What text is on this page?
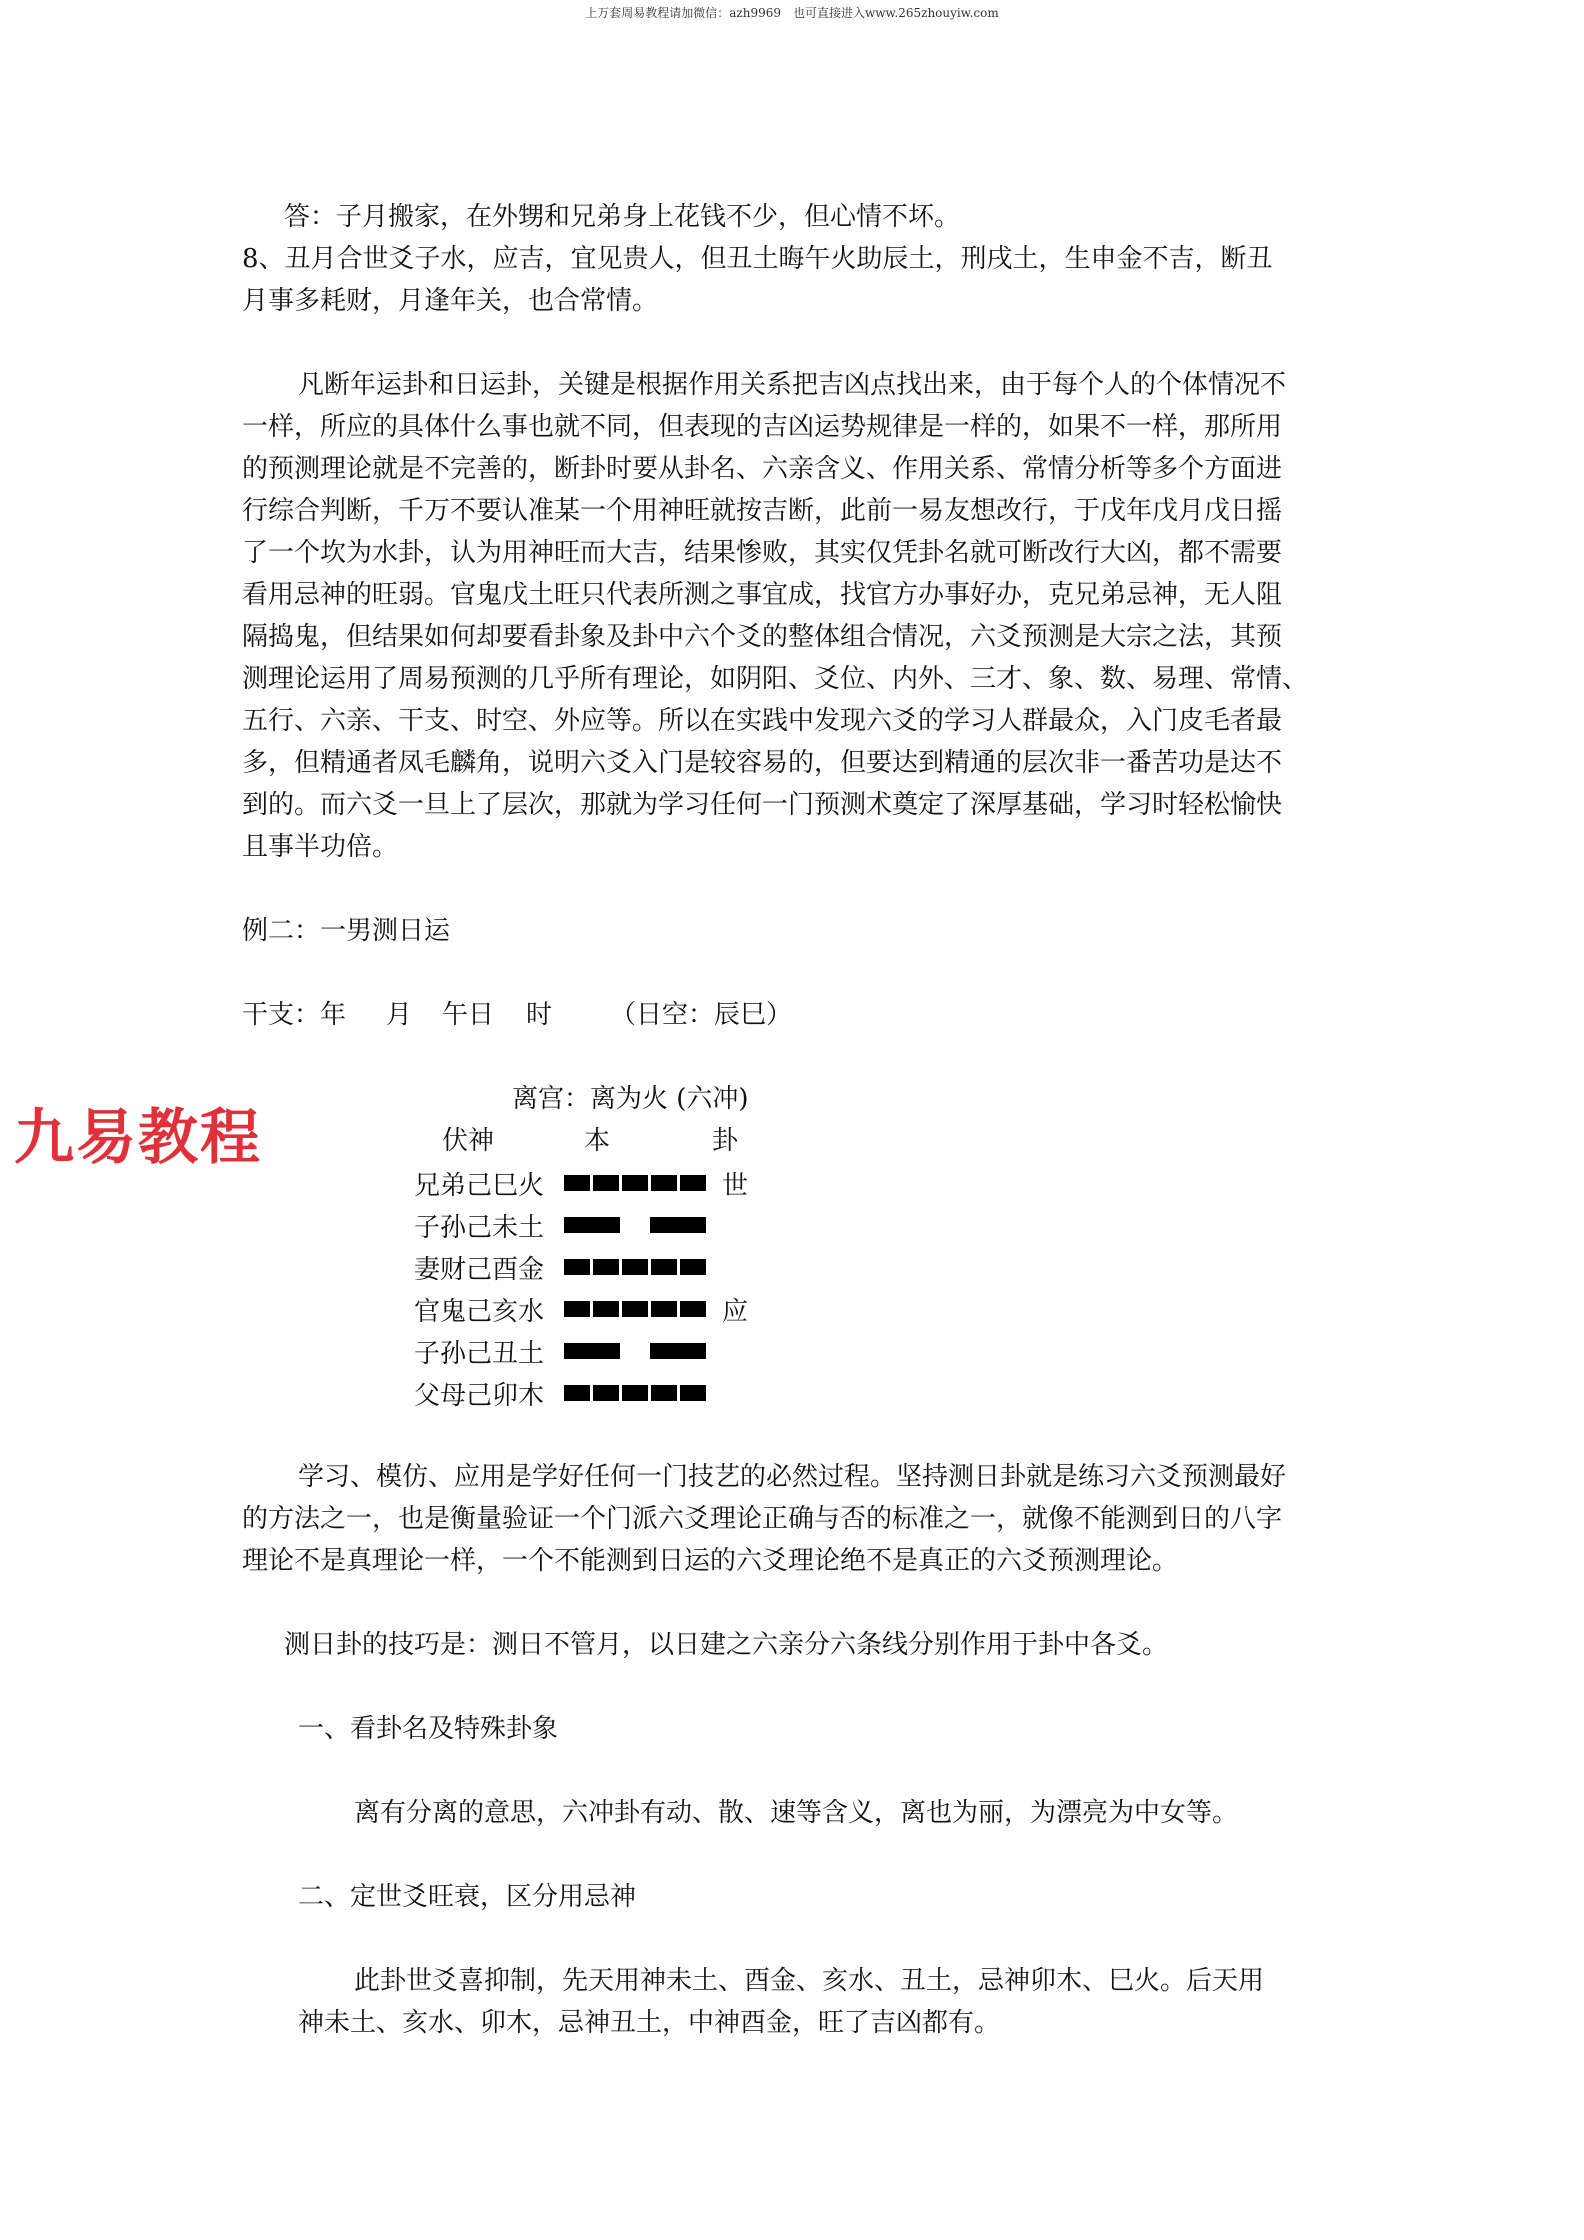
上万套周易教程请加微信：azh9969　也可直接进入www.265zhouyiw.com
九易教程
答：子月搬家，在外甥和兄弟身上花钱不少，但心情不坏。
8、丑月合世爻子水，应吉，宜见贵人，但丑土晦午火助辰土，刑戌土，生申金不吉，断丑
月事多耗财，月逢年关，也合常情。
凡断年运卦和日运卦，关键是根据作用关系把吉凶点找出来，由于每个人的个体情况不
一样，所应的具体什么事也就不同，但表现的吉凶运势规律是一样的，如果不一样，那所用
的预测理论就是不完善的，断卦时要从卦名、六亲含义、作用关系、常情分析等多个方面进
行综合判断，千万不要认准某一个用神旺就按吉断，此前一易友想改行，于戊年戊月戊日摇
了一个坎为水卦，认为用神旺而大吉，结果惨败，其实仅凭卦名就可断改行大凶，都不需要
看用忌神的旺弱。官鬼戊土旺只代表所测之事宜成，找官方办事好办，克兄弟忌神，无人阻
隔捣鬼，但结果如何却要看卦象及卦中六个爻的整体组合情况，六爻预测是大宗之法，其预
测理论运用了周易预测的几乎所有理论，如阴阳、爻位、内外、三才、象、数、易理、常情、
五行、六亲、干支、时空、外应等。所以在实践中发现六爻的学习人群最众，入门皮毛者最
多，但精通者凤毛麟角，说明六爻入门是较容易的，但要达到精通的层次非一番苦功是达不
到的。而六爻一旦上了层次，那就为学习任何一门预测术奠定了深厚基础，学习时轻松愉快
且事半功倍。
例二：一男测日运
干支：年 月 午日 时 （日空：辰巳）
离宫：离为火 (六冲)
伏神	本	卦
兄弟己巳火	世
子孙己未土
妻财己酉金
官鬼己亥水	应
子孙己丑土
父母己卯木
学习、模仿、应用是学好任何一门技艺的必然过程。坚持测日卦就是练习六爻预测最好
的方法之一，也是衡量验证一个门派六爻理论正确与否的标准之一，就像不能测到日的八字
理论不是真理论一样，一个不能测到日运的六爻理论绝不是真正的六爻预测理论。
测日卦的技巧是：测日不管月，以日建之六亲分六条线分别作用于卦中各爻。
一、看卦名及特殊卦象
离有分离的意思，六冲卦有动、散、速等含义，离也为丽，为漂亮为中女等。
二、定世爻旺衰，区分用忌神
此卦世爻喜抑制，先天用神未土、酉金、亥水、丑土，忌神卯木、巳火。后天用
神未土、亥水、卯木，忌神丑土，中神酉金，旺了吉凶都有。
